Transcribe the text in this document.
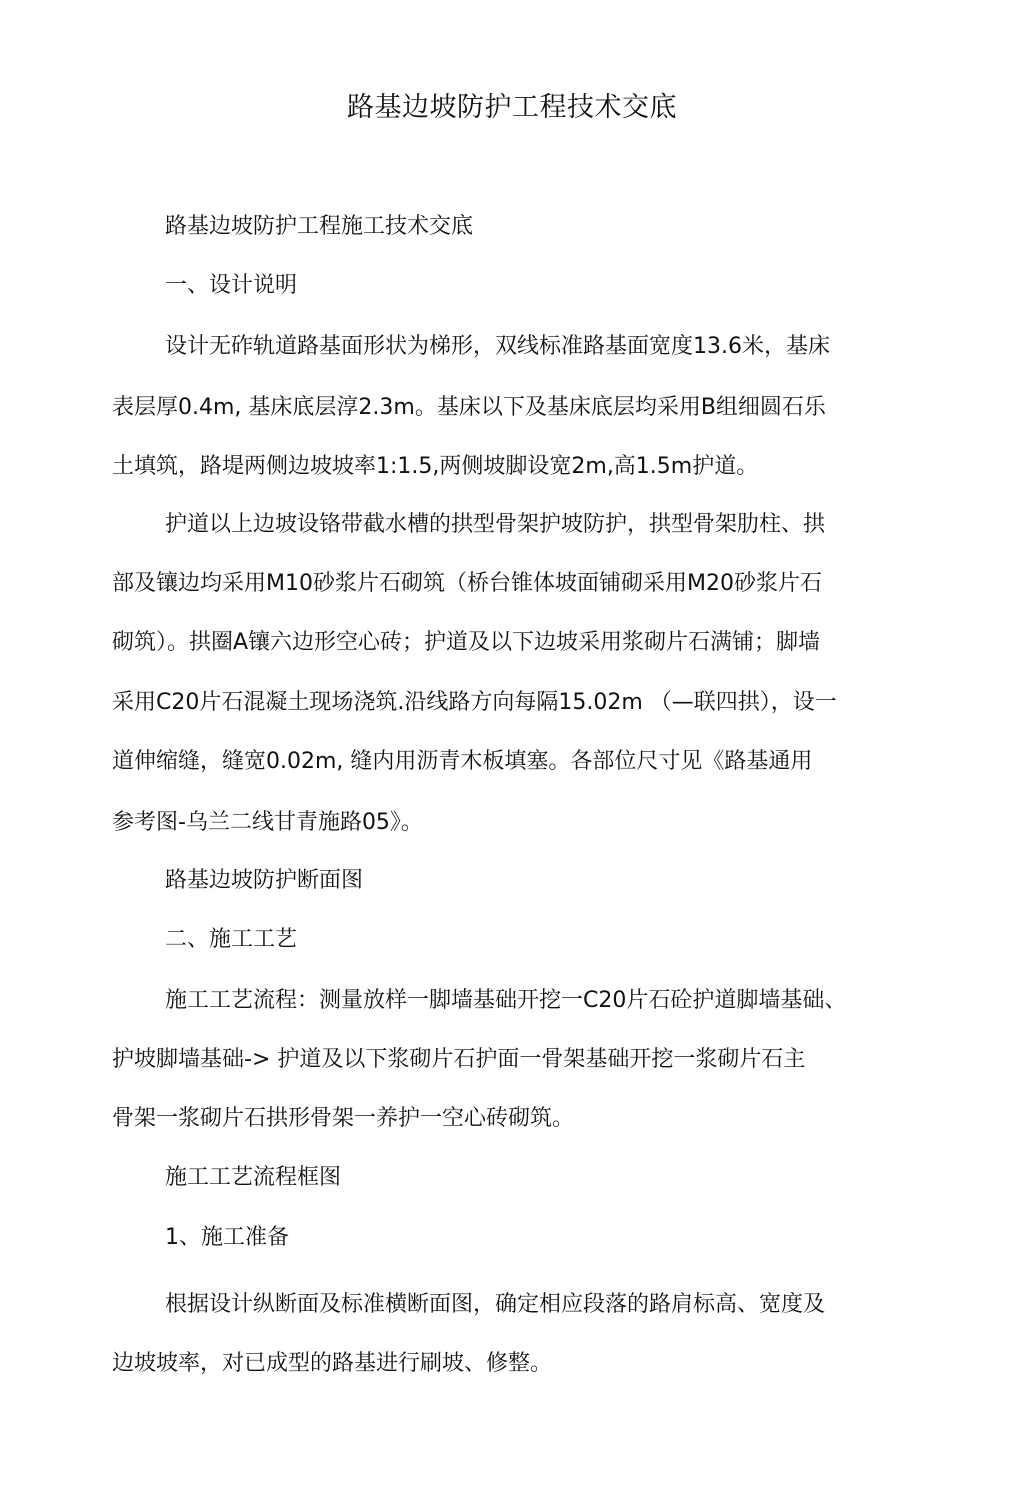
路基边坡防护工程技术交底
路基边坡防护工程施工技术交底
一、设计说明
设计无砟轨道路基面形状为梯形，双线标准路基面宽度13.6米，基床
表层厚0.4m, 基床底层淳2.3m。基床以下及基床底层均采用B组细圆石乐
土填筑，路堤两侧边坡坡率1:1.5,两侧坡脚设宽2m,高1.5m护道。
护道以上边坡设铬带截水槽的拱型骨架护坡防护，拱型骨架肋柱、拱
部及镶边均采用M10砂浆片石砌筑（桥台锥体坡面铺砌采用M20砂浆片石
砌筑）。拱圈A镶六边形空心砖；护道及以下边坡采用浆砌片石满铺；脚墙
采用C20片石混凝土现场浇筑.沿线路方向每隔15.02m （—联四拱），设一
道伸缩缝，缝宽0.02m, 缝内用沥青木板填塞。各部位尺寸见《路基通用
参考图-乌兰二线甘青施路05》。
路基边坡防护断面图
二、施工工艺
施工工艺流程：测量放样一脚墙基础开挖一C20片石砼护道脚墙基础、
护坡脚墙基础-> 护道及以下浆砌片石护面一骨架基础开挖一浆砌片石主
骨架一浆砌片石拱形骨架一养护一空心砖砌筑。
施工工艺流程框图
1、施工准备
根据设计纵断面及标准横断面图，确定相应段落的路肩标高、宽度及
边坡坡率，对已成型的路基进行刷坡、修整。
